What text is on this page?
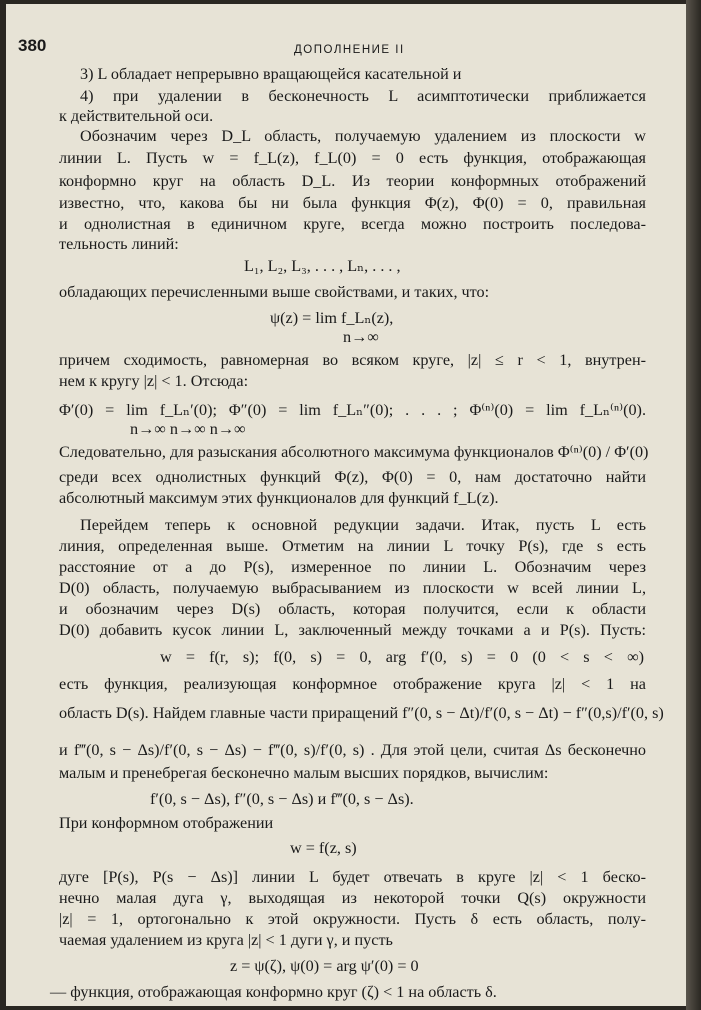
380	ДОПОЛНЕНИЕ II
3) L обладает непрерывно вращающейся касательной и
4) при удалении в бесконечность L асимптотически приближается
к действительной оси.
Обозначим через D_L область, получаемую удалением из плоскости w
линии L. Пусть w = f_L(z), f_L(0) = 0 есть функция, отображающая
конформно круг на область D_L. Из теории конформных отображений
известно, что, какова бы ни была функция Φ(z), Φ(0) = 0, правильная
и однолистная в единичном круге, всегда можно построить последова-
тельность линий:
L₁, L₂, L₃, . . . , Lₙ, . . . ,
обладающих перечисленными выше свойствами, и таких, что:
ψ(z) = lim f_Lₙ(z),
n→∞
причем сходимость, равномерная во всяком круге, |z| ≤ r < 1, внутрен-
нем к кругу |z| < 1. Отсюда:
Φ′(0) = lim f_Lₙ′(0); Φ″(0) = lim f_Lₙ″(0); . . . ; Φ⁽ⁿ⁾(0) = lim f_Lₙ⁽ⁿ⁾(0).
n→∞ n→∞ n→∞
Следовательно, для разыскания абсолютного максимума функционалов Φ⁽ⁿ⁾(0) / Φ′(0)
среди всех однолистных функций Φ(z), Φ(0) = 0, нам достаточно найти
абсолютный максимум этих функционалов для функций f_L(z).
Перейдем теперь к основной редукции задачи. Итак, пусть L есть
линия, определенная выше. Отметим на линии L точку P(s), где s есть
расстояние от a до P(s), измеренное по линии L. Обозначим через
D(0) область, получаемую выбрасыванием из плоскости w всей линии L,
и обозначим через D(s) область, которая получится, если к области
D(0) добавить кусок линии L, заключенный между точками a и P(s). Пусть:
w = f(r, s); f(0, s) = 0, arg f′(0, s) = 0 (0 < s < ∞)
есть функция, реализующая конформное отображение круга |z| < 1 на
область D(s). Найдем главные части приращений f″(0, s − Δt)/f′(0, s − Δt) − f″(0,s)/f′(0, s)
и f‴(0, s − Δs)/f′(0, s − Δs) − f‴(0, s)/f′(0, s) . Для этой цели, считая Δs бесконечно
малым и пренебрегая бесконечно малым высших порядков, вычислим:
f′(0, s − Δs), f″(0, s − Δs) и f‴(0, s − Δs).
При конформном отображении
w = f(z, s)
дуге [P(s), P(s − Δs)] линии L будет отвечать в круге |z| < 1 беско-
нечно малая дуга γ, выходящая из некоторой точки Q(s) окружности
|z| = 1, ортогонально к этой окружности. Пусть δ есть область, полу-
чаемая удалением из круга |z| < 1 дуги γ, и пусть
z = ψ(ζ), ψ(0) = arg ψ′(0) = 0
— функция, отображающая конформно круг (ζ) < 1 на область δ.
